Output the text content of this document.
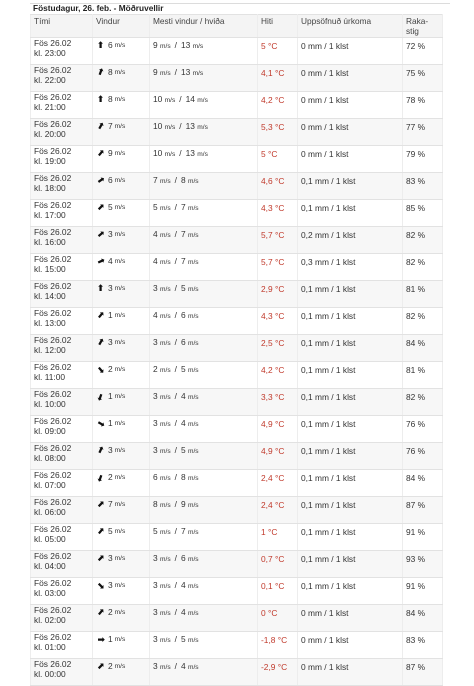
Föstudagur, 26. feb. - Möðruvellir
Tími	Vindur	Mesti vindur / hviða	Hiti	Uppsöfnuð úrkoma	Raka-
stig

Fös 26.02
kl. 23:00	⬆ 6 m/s	9 m/s / 13 m/s	5 °C	0 mm / 1 klst	72 %

Fös 26.02
kl. 22:00	⬆ 8 m/s	9 m/s / 13 m/s	4,1 °C	0 mm / 1 klst	75 %

Fös 26.02
kl. 21:00	⬆ 8 m/s	10 m/s / 14 m/s	4,2 °C	0 mm / 1 klst	78 %

Fös 26.02
kl. 20:00	⬆ 7 m/s	10 m/s / 13 m/s	5,3 °C	0 mm / 1 klst	77 %

Fös 26.02
kl. 19:00	⬆ 9 m/s	10 m/s / 13 m/s	5 °C	0 mm / 1 klst	79 %

Fös 26.02
kl. 18:00	⬆ 6 m/s	7 m/s / 8 m/s	4,6 °C	0,1 mm / 1 klst	83 %

Fös 26.02
kl. 17:00	⬆ 5 m/s	5 m/s / 7 m/s	4,3 °C	0,1 mm / 1 klst	85 %

Fös 26.02
kl. 16:00	⬆ 3 m/s	4 m/s / 7 m/s	5,7 °C	0,2 mm / 1 klst	82 %

Fös 26.02
kl. 15:00	⬆ 4 m/s	4 m/s / 7 m/s	5,7 °C	0,3 mm / 1 klst	82 %

Fös 26.02
kl. 14:00	⬆ 3 m/s	3 m/s / 5 m/s	2,9 °C	0,1 mm / 1 klst	81 %

Fös 26.02
kl. 13:00	⬆ 1 m/s	4 m/s / 6 m/s	4,3 °C	0,1 mm / 1 klst	82 %

Fös 26.02
kl. 12:00	⬆ 3 m/s	3 m/s / 6 m/s	2,5 °C	0,1 mm / 1 klst	84 %

Fös 26.02
kl. 11:00	⬆ 2 m/s	2 m/s / 5 m/s	4,2 °C	0,1 mm / 1 klst	81 %

Fös 26.02
kl. 10:00	⬆ 1 m/s	3 m/s / 4 m/s	3,3 °C	0,1 mm / 1 klst	82 %

Fös 26.02
kl. 09:00	⬆ 1 m/s	3 m/s / 4 m/s	4,9 °C	0,1 mm / 1 klst	76 %

Fös 26.02
kl. 08:00	⬆ 3 m/s	3 m/s / 5 m/s	4,9 °C	0,1 mm / 1 klst	76 %

Fös 26.02
kl. 07:00	⬆ 2 m/s	6 m/s / 8 m/s	2,4 °C	0,1 mm / 1 klst	84 %

Fös 26.02
kl. 06:00	⬆ 7 m/s	8 m/s / 9 m/s	2,4 °C	0,1 mm / 1 klst	87 %

Fös 26.02
kl. 05:00	⬆ 5 m/s	5 m/s / 7 m/s	1 °C	0,1 mm / 1 klst	91 %

Fös 26.02
kl. 04:00	⬆ 3 m/s	3 m/s / 6 m/s	0,7 °C	0,1 mm / 1 klst	93 %

Fös 26.02
kl. 03:00	⬆ 3 m/s	3 m/s / 4 m/s	0,1 °C	0,1 mm / 1 klst	91 %

Fös 26.02
kl. 02:00	⬆ 2 m/s	3 m/s / 4 m/s	0 °C	0 mm / 1 klst	84 %

Fös 26.02
kl. 01:00	⬆ 1 m/s	3 m/s / 5 m/s	-1,8 °C	0 mm / 1 klst	83 %

Fös 26.02
kl. 00:00	⬆ 2 m/s	3 m/s / 4 m/s	-2,9 °C	0 mm / 1 klst	87 %
